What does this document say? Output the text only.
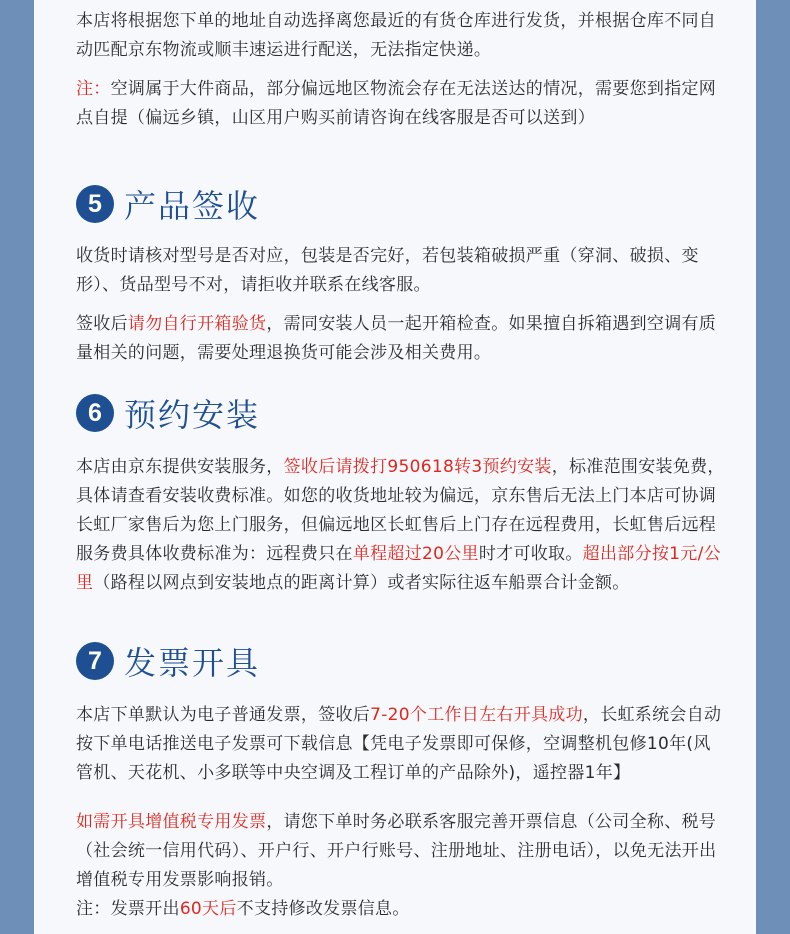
本店将根据您下单的地址自动选择离您最近的有货仓库进行发货，并根据仓库不同自动匹配京东物流或顺丰速运进行配送，无法指定快递。

注：空调属于大件商品，部分偏远地区物流会存在无法送达的情况，需要您到指定网点自提（偏远乡镇，山区用户购买前请咨询在线客服是否可以送到）

5 产品签收

收货时请核对型号是否对应，包装是否完好，若包装箱破损严重（穿洞、破损、变形）、货品型号不对，请拒收并联系在线客服。

签收后请勿自行开箱验货，需同安装人员一起开箱检查。如果擅自拆箱遇到空调有质量相关的问题，需要处理退换货可能会涉及相关费用。

6 预约安装

本店由京东提供安装服务，签收后请拨打950618转3预约安装，标准范围安装免费，具体请查看安装收费标准。如您的收货地址较为偏远，京东售后无法上门本店可协调长虹厂家售后为您上门服务，但偏远地区长虹售后上门存在远程费用，长虹售后远程服务费具体收费标准为：远程费只在单程超过20公里时才可收取。超出部分按1元/公里（路程以网点到安装地点的距离计算）或者实际往返车船票合计金额。

7 发票开具

本店下单默认为电子普通发票，签收后7-20个工作日左右开具成功，长虹系统会自动按下单电话推送电子发票可下载信息【凭电子发票即可保修，空调整机包修10年(风管机、天花机、小多联等中央空调及工程订单的产品除外)，遥控器1年】

如需开具增值税专用发票，请您下单时务必联系客服完善开票信息（公司全称、税号（社会统一信用代码）、开户行、开户行账号、注册地址、注册电话），以免无法开出增值税专用发票影响报销。

注：发票开出60天后不支持修改发票信息。
